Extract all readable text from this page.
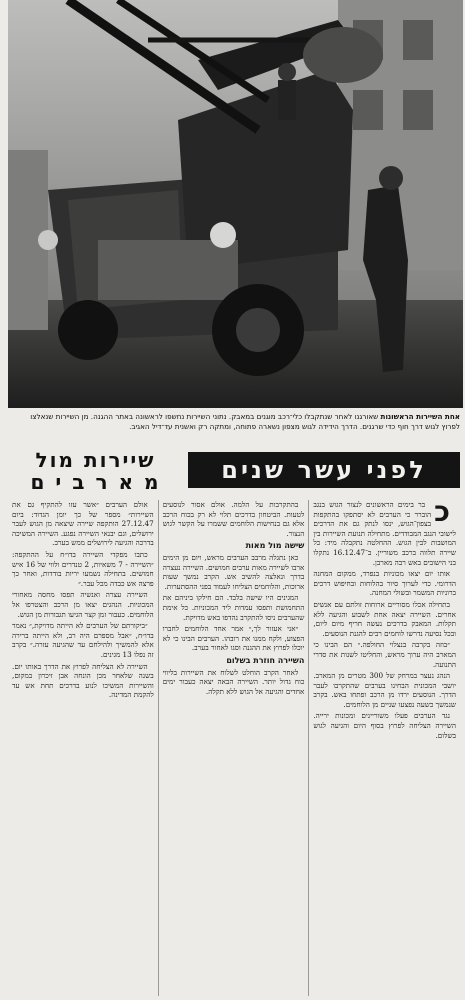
אחת השיירות הראשונות שאורגנו לאחר שנתקבלו כלי־רכב מוגנים במאבק. נתוני השיירות נחשפו לראשונה באתר ההגנה. מן השיירות שנאלצו לפרוץ לגוש דרך חוף כדי שרגנים. הדרך הידידה לגוש מצפון נשארה פתוחה, ומתקה רק ואשנית עד־דיל האגיב.
שיירות מול
מ א ר ב י ם	לפני עשר שנים

כ
בר בימים הראשונים לנצור הגוש בנגב הוברר כי הערבים לא יסתפקו בהתקפות בצפון־הגוש, ינסו לנתק גם את הדרכים לישובי הנגב המבודדים. מתחילה תנועת השיירות בין המושבות לבין הגוש. ההחלטה נתקבלה מיד: כל שיירה תלווה ברכב משוריין. ב־16.12.47 נתקלו בני הישובים באש רבה מארבן.

אותו יום יצאו מכוניות בנפרד, ממקום המחנה הדרומי. כדי לערוך סיור בהלוחות ובחיפוש דרכים ברוניות המשמר ובשולי המחנה.

בתחילה אכלו מסוריים ארוחות זולתם עם אנשים אחרים. השיירה יצאה אחת לשבוע והגיעה ללא תקלות. המאבק בדרכים נעשה חריף מיום ליום, ובכל נסיעה נדרשו לוחמים רבים להגנת הנוסעים.

״בוזה בקרבה בנצלוי החולפה.״ הם הבינו כי המארב היה ערוך מראש, והחליטו לשנות את סדרי התנועה.

הנהג נעצר במרחק של 300 מטרים מן המארב. יושבי המכונית הבחינו בערבים שהתקרבו לעבר הדרך. הנוסעים ירדו מן הרכב ופתחו באש. בקרב שנמשך כשעה נפצעו שניים מן הלוחמים.

נגד הערבים פעלו משוריינים ומכונות ירייה. השיירה הצליחה לפרוץ בסוף היום והגיעה לגוש בשלום.

בהתקרבות על הלמה. אולם אסור לנוסעים לטעות. הביטחון בדרכים תלוי לא רק בכוח הרכב אלא גם בנחישות הלוחמים ששמרו על הקשר לגוש הנצור.

שישה מול מאות

כאן נתגלה מרבב הערבים מראש, ויום מן הימים ארבו לשיירה מאות ערבים חמושים. השיירה נעצרה בדרך ונאלצה להשיב אש. הקרב נמשך שעות ארוכות, והלוחמים הצליחו לעמוד בפני ההסתערות.

המגינים היו שישה בלבד. הם חילקו ביניהם את התחמושת ותפסו עמדות ליד המכוניות. כל אימת שהערבים ניסו להתקרב נהדפו באש מדויקת.

״אני אעזור לך,״ אמר אחד הלוחמים לחברו הפצוע, ולקח ממנו את רובהו. הערבים הבינו כי לא יוכלו לפרוץ את ההגנה וסגו לאחור בערב.

השיירה חוזרת בשלום

לאחר הקרב הוחלט לשלוח את השיירות בליווי כוח גדול יותר. השיירה הבאה יצאה כעבור ימים אחדים והגיעה אל הגוש ללא תקלה.

אולם הערבים ״אשר עזו להתקיף גם את השיירות״ מספר של כך יומן הגדוד: ביום 27.12.47 הותקפה שיירה שיצאה מן הגוש לעבר ירושלים, וגם יבנאי השיירה נפגע. השיירה המשיכה בדרכה והגיעה לירושלים ממש בערב.

כתבו מפקדי השיירה בדו״ח על ההתקפה: ״השיירה - 7 משאיות, 2 טנדרים ולווי של 16 איש חמושים. בתחילה נשמעו יריות בודדות, ואחר כך פרצה אש כבדה מכל עבר.״

השיירה עצרה ואנשיה תפסו מחסה מאחורי המכוניות. הנהגים יצאו מן הרכב והצטרפו אל הלוחמים. כעבור זמן קצר הגיעו תגבורות מן הגוש.

״ביקורתם של הערבים לא הייתה מדויקת,״ נאמר בדו״ח, ״אבל מספרם היה רב, ולא הייתה ברירה אלא להמשיך ולהילחם עד שהגיעה עזרה.״ בקרב זה נפלו 13 מגינים.

השיירה לא הצליחה לפרוץ את הדרך באותו יום. בשנה שלאחר מכן הונחה אבן זיכרון במקום, והשיירות המשיכו לנוע בדרכים תחת אש עד להקמת המדינה.
